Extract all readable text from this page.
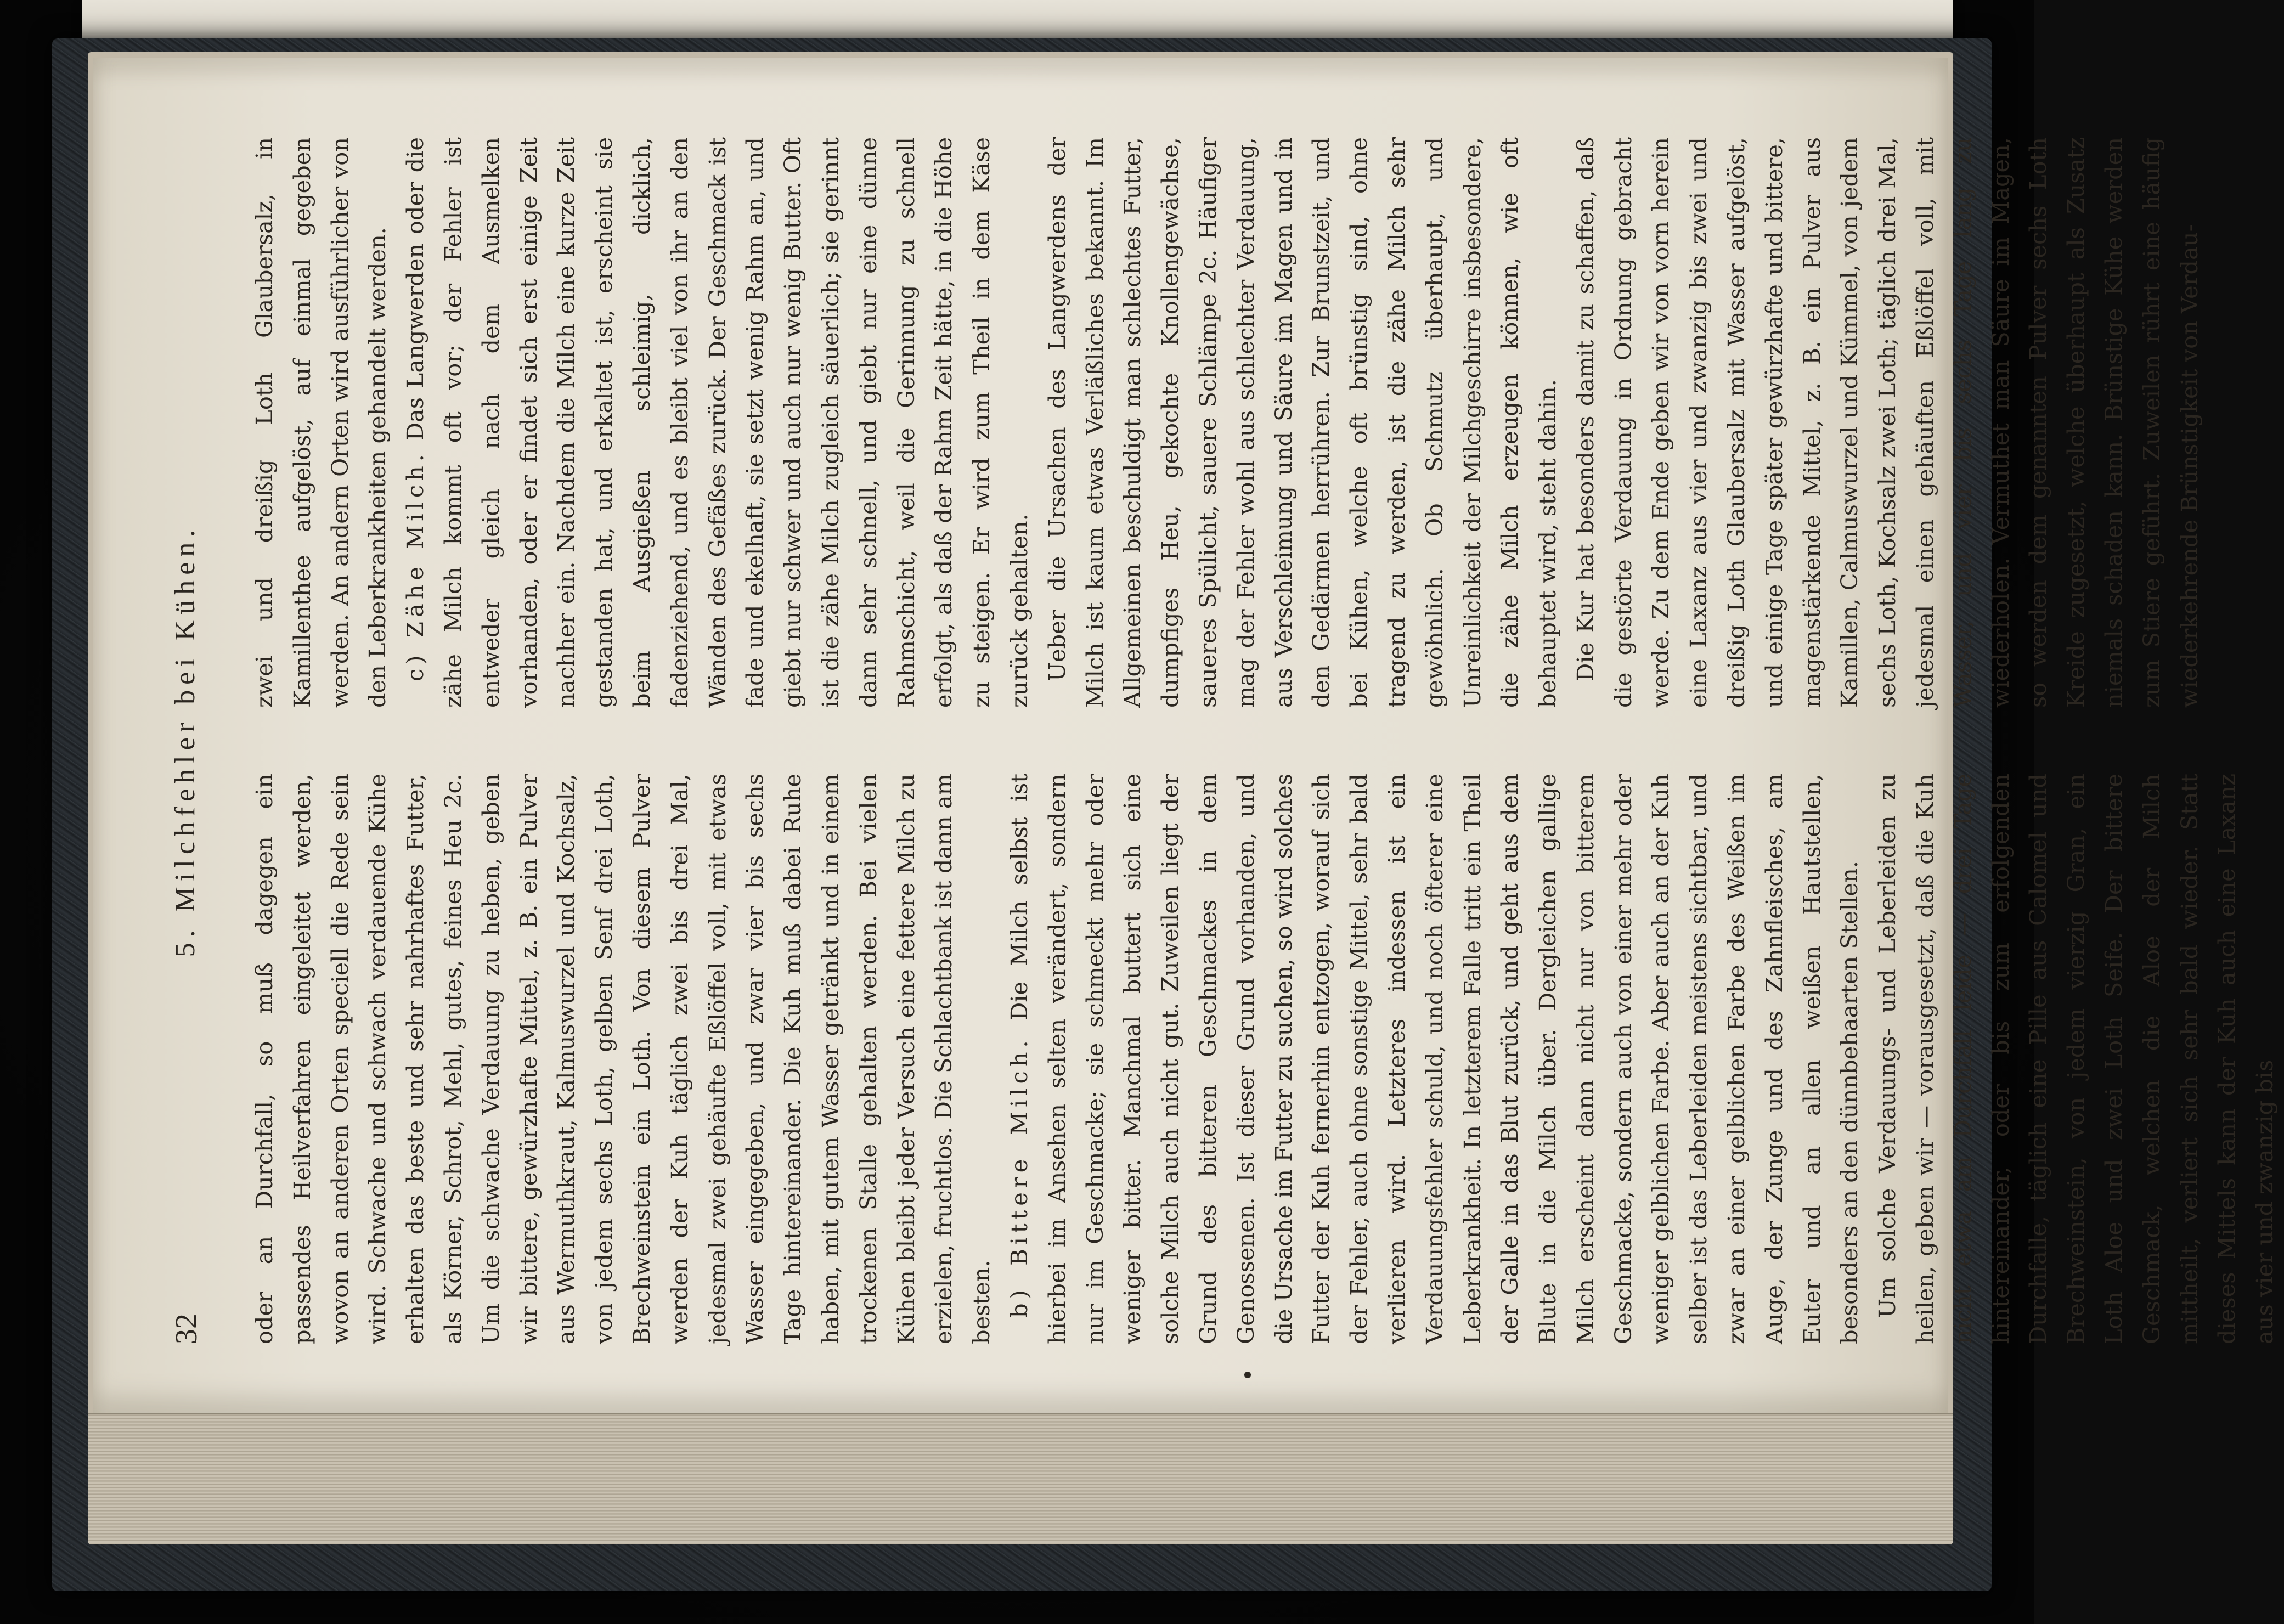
32
5. Milchfehler bei Kühen.

oder an Durchfall, so muß dagegen ein passendes Heilverfahren eingeleitet werden, wovon an anderen Orten speciell die Rede sein wird. Schwache und schwach verdauende Kühe erhalten das beste und sehr nahrhaftes Futter, als Körner, Schrot, Mehl, gutes, feines Heu 2c. Um die schwache Verdauung zu heben, geben wir bittere, gewürzhafte Mittel, z. B. ein Pulver aus Wermuthkraut, Kalmuswurzel und Kochsalz, von jedem sechs Loth, gelben Senf drei Loth, Brechweinstein ein Loth. Von diesem Pulver werden der Kuh täglich zwei bis drei Mal, jedesmal zwei gehäufte Eßlöffel voll, mit etwas Wasser eingegeben, und zwar vier bis sechs Tage hintereinander. Die Kuh muß dabei Ruhe haben, mit gutem Wasser getränkt und in einem trockenen Stalle gehalten werden. Bei vielen Kühen bleibt jeder Versuch eine fettere Milch zu erzielen, fruchtlos. Die Schlachtbank ist dann am besten. b) Bittere Milch. Die Milch selbst ist hierbei im Ansehen selten verändert, sondern nur im Geschmacke; sie schmeckt mehr oder weniger bitter. Manchmal buttert sich eine solche Milch auch nicht gut. Zuweilen liegt der Grund des bitteren Geschmackes in dem Genossenen. Ist dieser Grund vorhanden, und die Ursache im Futter zu suchen, so wird solches Futter der Kuh fernerhin entzogen, worauf sich der Fehler, auch ohne sonstige Mittel, sehr bald verlieren wird. Letzteres indessen ist ein Verdauungsfehler schuld, und noch öfterer eine Leberkrankheit. In letzterem Falle tritt ein Theil der Galle in das Blut zurück, und geht aus dem Blute in die Milch über. Dergleichen gallige Milch erscheint dann nicht nur von bitterem Geschmacke, sondern auch von einer mehr oder weniger gelblichen Farbe. Aber auch an der Kuh selber ist das Leberleiden meistens sichtbar, und zwar an einer gelblichen Farbe des Weißen im Auge, der Zunge und des Zahnfleisches, am Euter und an allen weißen Hautstellen, besonders an den dünnbehaarten Stellen. Um solche Verdauungs- und Leberleiden zu heilen, geben wir — vorausgesetzt, daß die Kuh nicht etwa am Durchfall leide — drei Tage hintereinander, oder bis zum erfolgenden Durchfalle, täglich eine Pille aus Calomel und Brechweinstein, von jedem vierzig Gran, ein Loth Aloe und zwei Loth Seife. Der bittere Geschmack, welchen die Aloe der Milch mittheilt, verliert sich sehr bald wieder. Statt dieses Mittels kann der Kuh auch eine Laxanz aus vier und zwanzig bis

zwei und dreißig Loth Glaubersalz, in Kamillenthee aufgelöst, auf einmal gegeben werden. An andern Orten wird ausführlicher von den Leberkrankheiten gehandelt werden. c) Zähe Milch. Das Langwerden oder die zähe Milch kommt oft vor; der Fehler ist entweder gleich nach dem Ausmelken vorhanden, oder er findet sich erst einige Zeit nachher ein. Nachdem die Milch eine kurze Zeit gestanden hat, und erkaltet ist, erscheint sie beim Ausgießen schleimig, dicklich, fadenziehend, und es bleibt viel von ihr an den Wänden des Gefäßes zurück. Der Geschmack ist fade und ekelhaft, sie setzt wenig Rahm an, und giebt nur schwer und auch nur wenig Butter. Oft ist die zähe Milch zugleich säuerlich; sie gerinnt dann sehr schnell, und giebt nur eine dünne Rahmschicht, weil die Gerinnung zu schnell erfolgt, als daß der Rahm Zeit hätte, in die Höhe zu steigen. Er wird zum Theil in dem Käse zurück gehalten. Ueber die Ursachen des Langwerdens der Milch ist kaum etwas Verläßliches bekannt. Im Allgemeinen beschuldigt man schlechtes Futter, dumpfiges Heu, gekochte Knollengewächse, saueres Spülicht, sauere Schlämpe 2c. Häufiger mag der Fehler wohl aus schlechter Verdauung, aus Verschleimung und Säure im Magen und in den Gedärmen herrühren. Zur Brunstzeit, und bei Kühen, welche oft brünstig sind, ohne tragend zu werden, ist die zähe Milch sehr gewöhnlich. Ob Schmutz überhaupt, und Unreinlichkeit der Milchgeschirre insbesondere, die zähe Milch erzeugen können, wie oft behauptet wird, steht dahin. Die Kur hat besonders damit zu schaffen, daß die gestörte Verdauung in Ordnung gebracht werde. Zu dem Ende geben wir von vorn herein eine Laxanz aus vier und zwanzig bis zwei und dreißig Loth Glaubersalz mit Wasser aufgelöst, und einige Tage später gewürzhafte und bittere, magenstärkende Mittel, z. B. ein Pulver aus Kamillen, Calmuswurzel und Kümmel, von jedem sechs Loth, Kochsalz zwei Loth; täglich drei Mal, jedesmal einen gehäuften Eßlöffel voll, mit Wasser, und vier bis sechs Tage lang zu wiederholen. Vermuthet man Säure im Magen, so werden dem genannten Pulver sechs Loth Kreide zugesetzt, welche überhaupt als Zusatz niemals schaden kann. Brünstige Kühe werden zum Stiere geführt. Zuweilen rührt eine häufig wiederkehrende Brünstigkeit von Verdau-
